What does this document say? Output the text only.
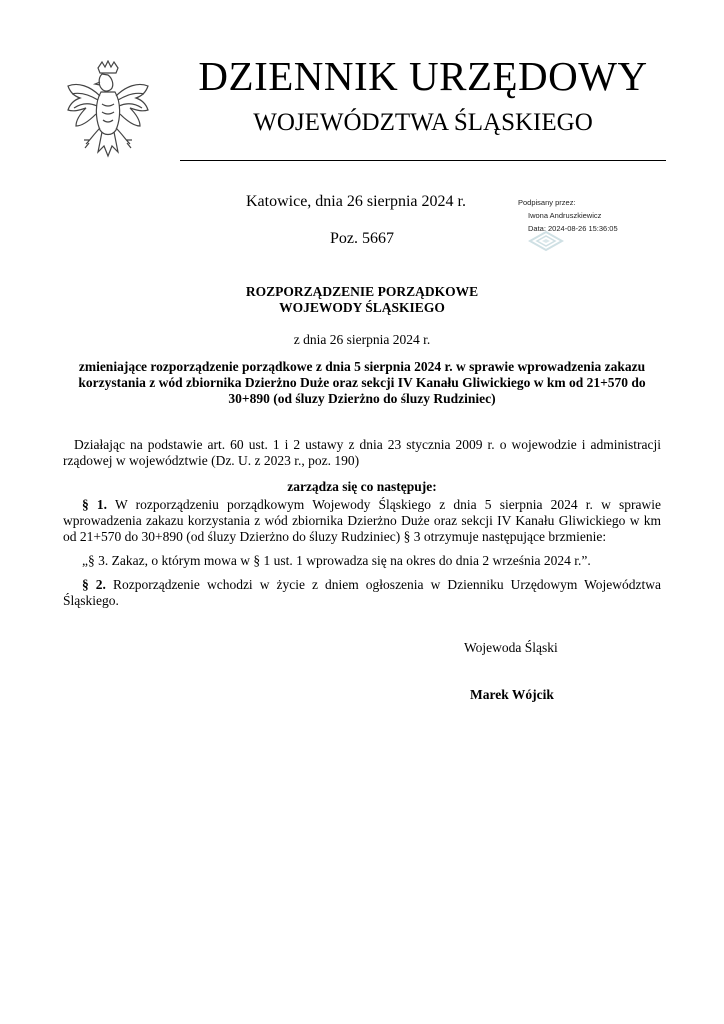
DZIENNIK URZĘDOWY
WOJEWÓDZTWA ŚLĄSKIEGO
Katowice, dnia 26 sierpnia 2024 r.
Poz. 5667
Podpisany przez:
Iwona Andruszkiewicz
Data: 2024-08-26 15:36:05
ROZPORZĄDZENIE PORZĄDKOWE
WOJEWODY ŚLĄSKIEGO
z dnia 26 sierpnia 2024 r.
zmieniające rozporządzenie porządkowe z dnia 5 sierpnia 2024 r. w sprawie wprowadzenia zakazu korzystania z wód zbiornika Dzierżno Duże oraz sekcji IV Kanału Gliwickiego w km od 21+570 do 30+890 (od śluzy Dzierżno do śluzy Rudziniec)
Działając na podstawie art. 60 ust. 1 i 2 ustawy z dnia 23 stycznia 2009 r. o wojewodzie i administracji rządowej w województwie (Dz. U. z 2023 r., poz. 190)
zarządza się co następuje:
§ 1. W rozporządzeniu porządkowym Wojewody Śląskiego z dnia 5 sierpnia 2024 r. w sprawie wprowadzenia zakazu korzystania z wód zbiornika Dzierżno Duże oraz sekcji IV Kanału Gliwickiego w km od 21+570 do 30+890 (od śluzy Dzierżno do śluzy Rudziniec) § 3 otrzymuje następujące brzmienie:
„§ 3. Zakaz, o którym mowa w § 1 ust. 1 wprowadza się na okres do dnia 2 września 2024 r.”.
§ 2. Rozporządzenie wchodzi w życie z dniem ogłoszenia w Dzienniku Urzędowym Województwa Śląskiego.
Wojewoda Śląski
Marek Wójcik
